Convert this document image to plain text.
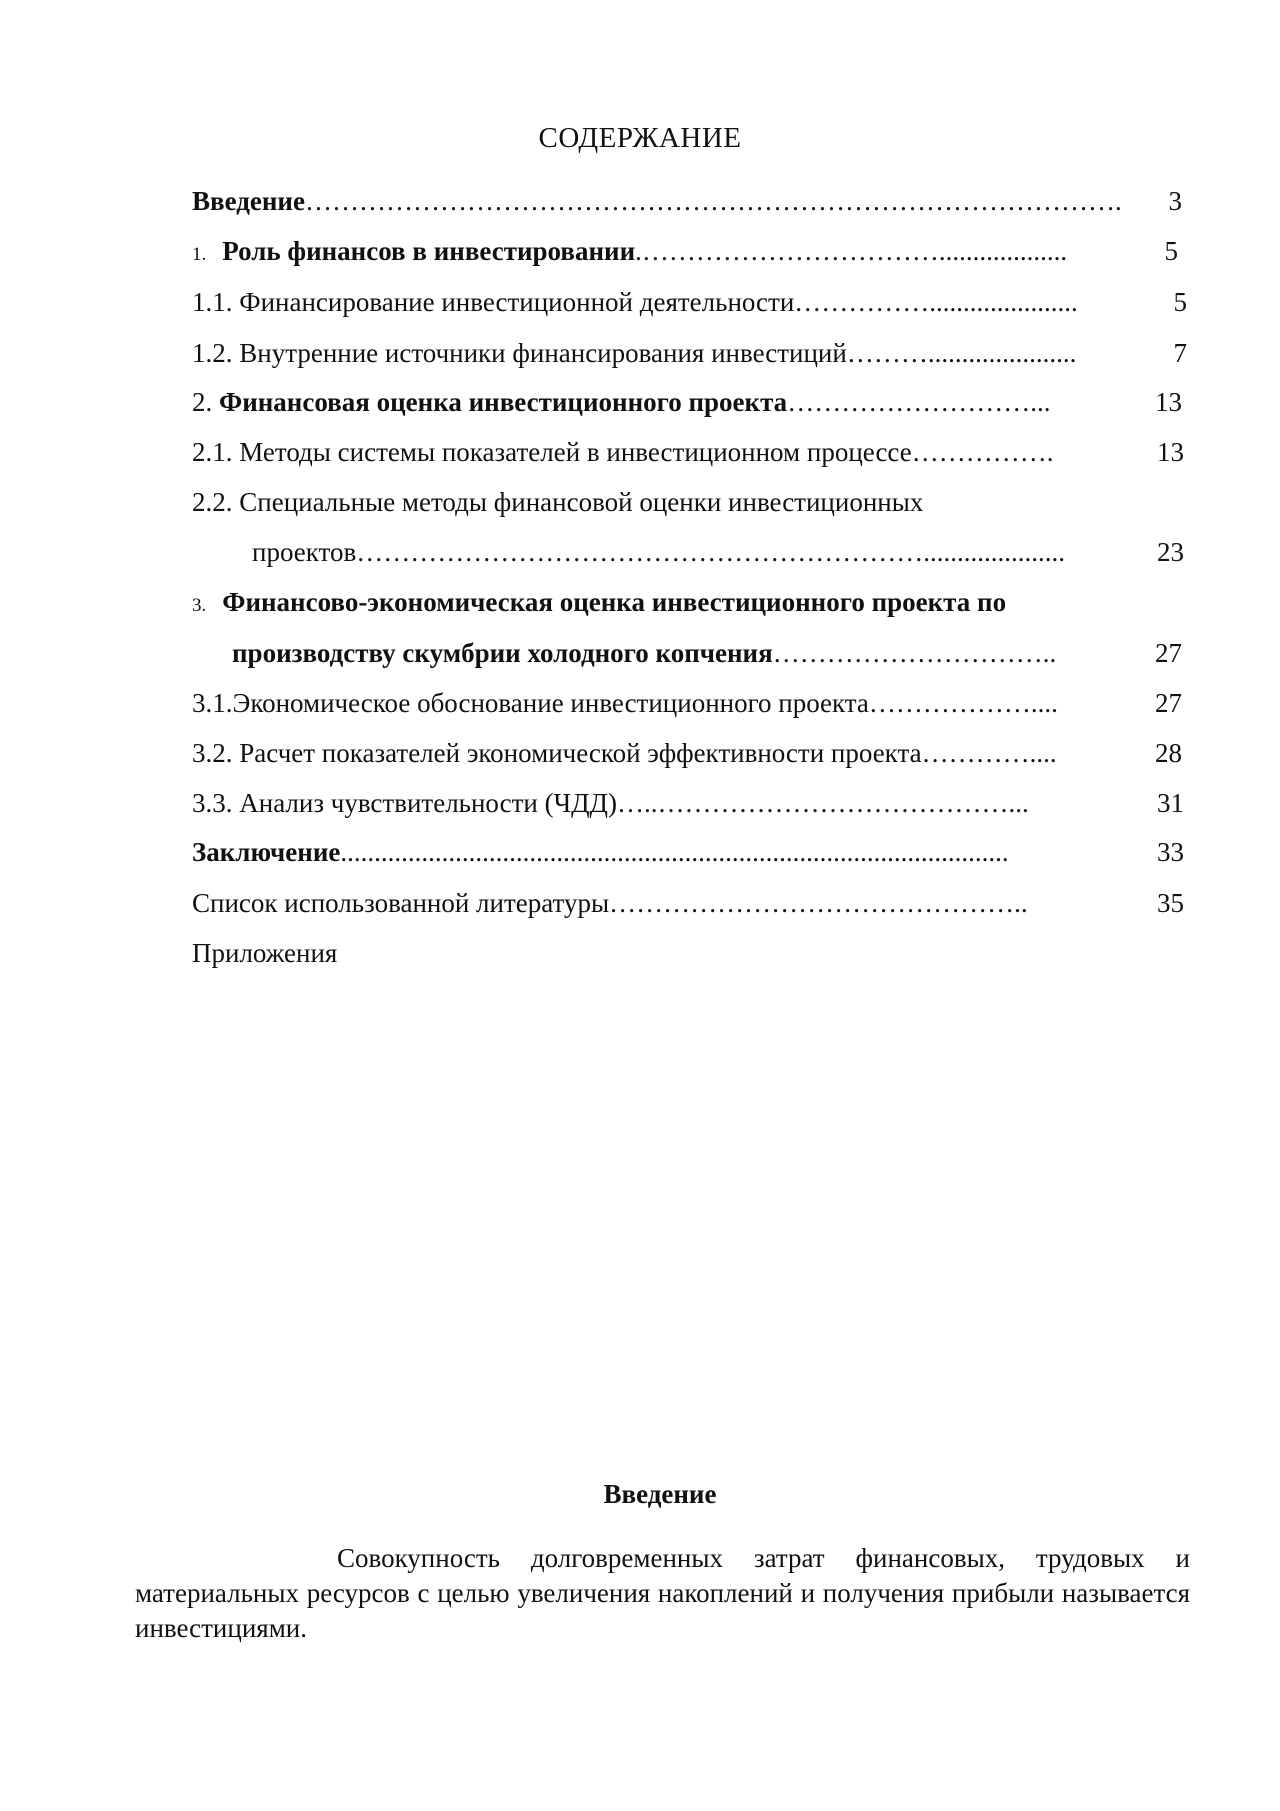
СОДЕРЖАНИЕ
Введение ……………………………………………………………………………….	3
1. Роль финансов в инвестировании .……………………………...................	5
1.1. Финансирование инвестиционной деятельности ……………......................	5
1.2. Внутренние источники финансирования инвестиций ………......................	7
2. Финансовая оценка инвестиционного проекта ………………………...	13
2.1. Методы системы показателей в инвестиционном процессе …………….	13
2.2. Специальные методы финансовой оценки инвестиционных
проектов ……………………………………………………….....................	23
3. Финансово-экономическая оценка инвестиционного проекта по
производству скумбрии холодного копчения …………………………..	27
3.1.Экономическое обоснование инвестиционного проекта ………………....	27
3.2. Расчет показателей экономической эффективности проекта …………....	28
3.3. Анализ чувствительности (ЧДД) …..…………………………………...	31
Заключение ...................................................................................................	33
Список использованной литературы ………………………………………..	35
Приложения
Введение

Совокупность долговременных затрат финансовых, трудовых и материальных ресурсов с целью увеличения накоплений и получения прибыли называется инвестициями.
